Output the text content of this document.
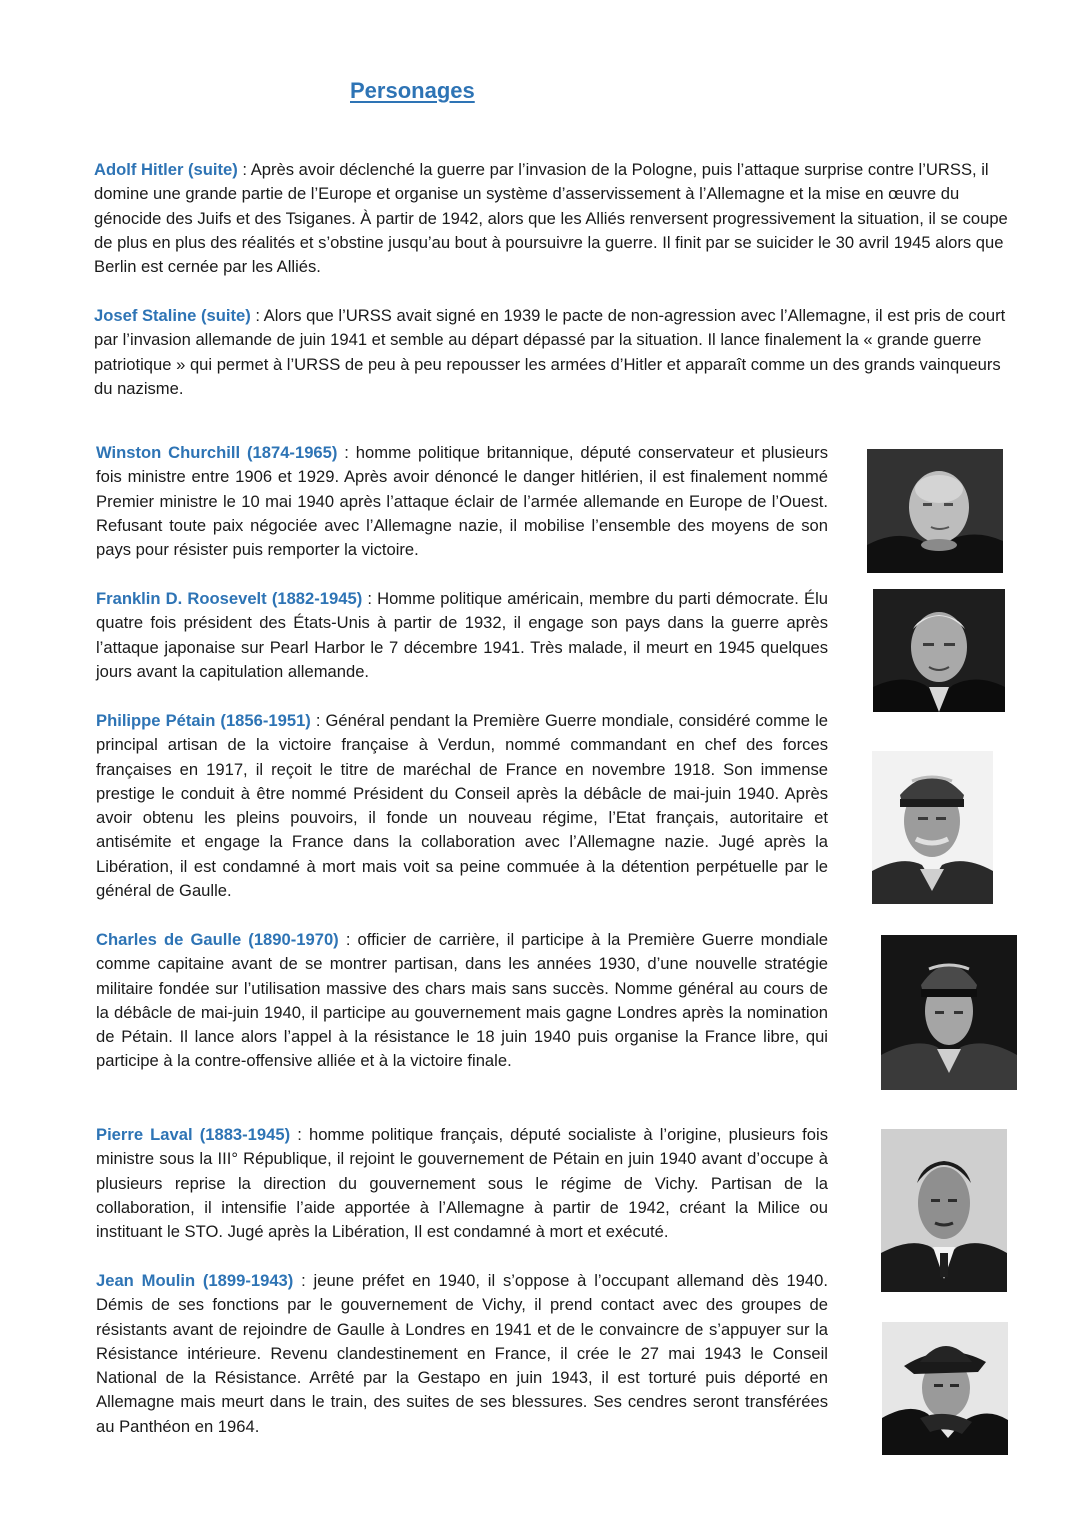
Personages

Adolf Hitler (suite) : Après avoir déclenché la guerre par l’invasion de la Pologne, puis l’attaque surprise contre l’URSS, il domine une grande partie de l’Europe et organise un système d’asservissement à l’Allemagne et la mise en œuvre du génocide des Juifs et des Tsiganes. À partir de 1942, alors que les Alliés renversent progressivement la situation, il se coupe de plus en plus des réalités et s’obstine jusqu’au bout à poursuivre la guerre. Il finit par se suicider le 30 avril 1945 alors que Berlin est cernée par les Alliés.

Josef Staline (suite) : Alors que l’URSS avait signé en 1939 le pacte de non-agression avec l’Allemagne, il est pris de court par l’invasion allemande de juin 1941 et semble au départ dépassé par la situation. Il lance finalement la « grande guerre patriotique » qui permet à l’URSS de peu à peu repousser les armées d’Hitler et apparaît comme un des grands vainqueurs du nazisme.

Winston Churchill (1874-1965) : homme politique britannique, député conservateur et plusieurs fois ministre entre 1906 et 1929. Après avoir dénoncé le danger hitlérien, il est finalement nommé Premier ministre le 10 mai 1940 après l’attaque éclair de l’armée allemande en Europe de l’Ouest. Refusant toute paix négociée avec l’Allemagne nazie, il mobilise l’ensemble des moyens de son pays pour résister puis remporter la victoire.

Franklin D. Roosevelt (1882-1945) : Homme politique américain, membre du parti démocrate. Élu quatre fois président des États-Unis à partir de 1932, il engage son pays dans la guerre après l’attaque japonaise sur Pearl Harbor le 7 décembre 1941. Très malade, il meurt en 1945 quelques jours avant la capitulation allemande.

Philippe Pétain (1856-1951) : Général pendant la Première Guerre mondiale, considéré comme le principal artisan de la victoire française à Verdun, nommé commandant en chef des forces françaises en 1917, il reçoit le titre de maréchal de France en novembre 1918. Son immense prestige le conduit à être nommé Président du Conseil après la débâcle de mai-juin 1940. Après avoir obtenu les pleins pouvoirs, il fonde un nouveau régime, l’Etat français, autoritaire et antisémite et engage la France dans la collaboration avec l’Allemagne nazie. Jugé après la Libération, il est condamné à mort mais voit sa peine commuée à la détention perpétuelle par le général de Gaulle.

Charles de Gaulle (1890-1970) : officier de carrière, il participe à la Première Guerre mondiale comme capitaine avant de se montrer partisan, dans les années 1930, d’une nouvelle stratégie militaire fondée sur l’utilisation massive des chars mais sans succès. Nomme général au cours de la débâcle de mai-juin 1940, il participe au gouvernement mais gagne Londres après la nomination de Pétain. Il lance alors l’appel à la résistance le 18 juin 1940 puis organise la France libre, qui participe à la contre-offensive alliée et à la victoire finale.

Pierre Laval (1883-1945) : homme politique français, député socialiste à l’origine, plusieurs fois ministre sous la III° République, il rejoint le gouvernement de Pétain en juin 1940 avant d’occupe à plusieurs reprise la direction du gouvernement sous le régime de Vichy. Partisan de la collaboration, il intensifie l’aide apportée à l’Allemagne à partir de 1942, créant la Milice ou instituant le STO. Jugé après la Libération, Il est condamné à mort et exécuté.

Jean Moulin (1899-1943) : jeune préfet en 1940, il s’oppose à l’occupant allemand dès 1940. Démis de ses fonctions par le gouvernement de Vichy, il prend contact avec des groupes de résistants avant de rejoindre de Gaulle à Londres en 1941 et de le convaincre de s’appuyer sur la Résistance intérieure. Revenu clandestinement en France, il crée le 27 mai 1943 le Conseil National de la Résistance. Arrêté par la Gestapo en juin 1943, il est torturé puis déporté en Allemagne mais meurt dans le train, des suites de ses blessures. Ses cendres seront transférées au Panthéon en 1964.
